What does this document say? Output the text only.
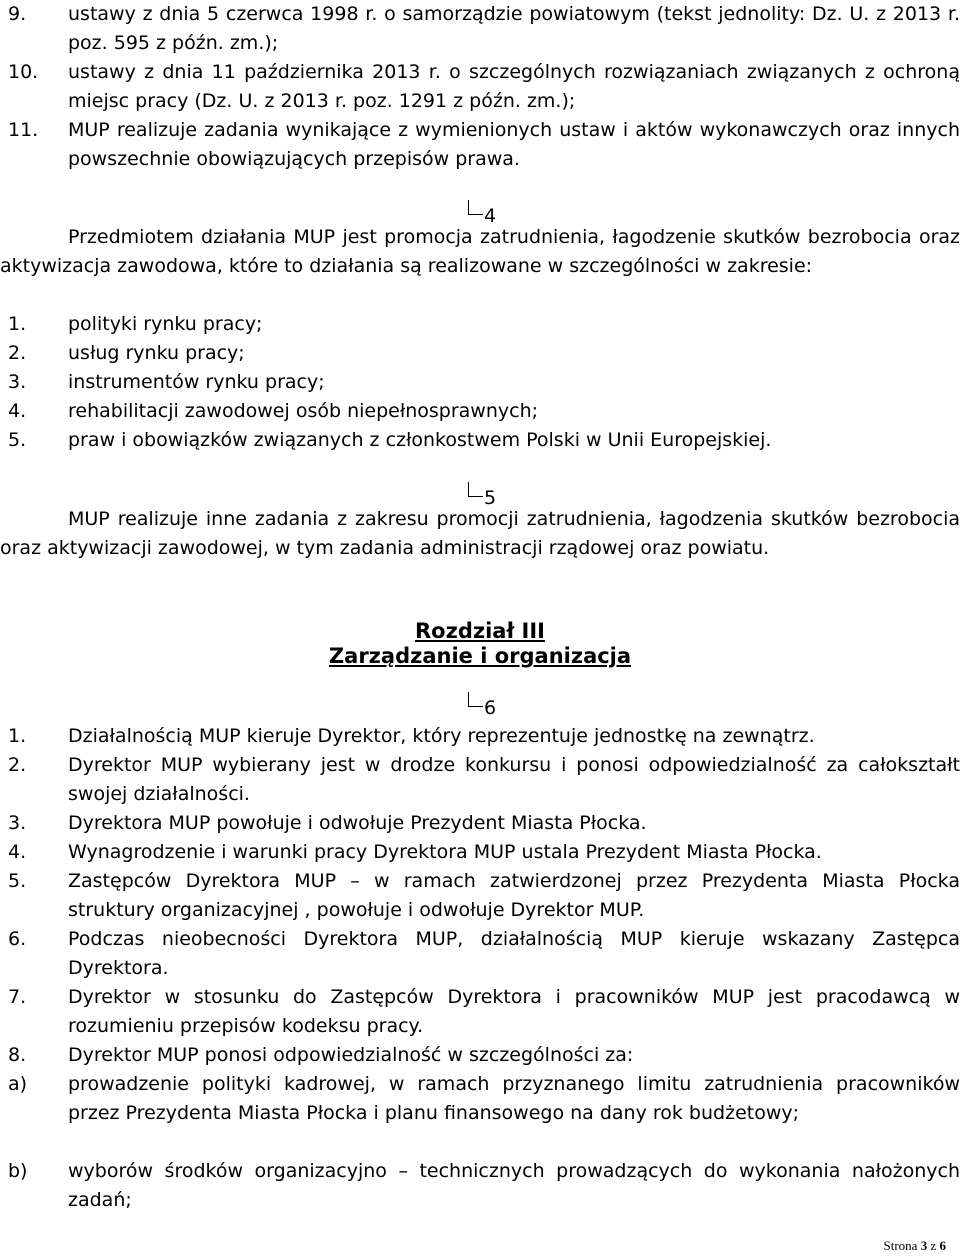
9. ustawy z dnia 5 czerwca 1998 r. o samorządzie powiatowym (tekst jednolity: Dz. U. z 2013 r. poz. 595 z późn. zm.);
10. ustawy z dnia 11 października 2013 r. o szczególnych rozwiązaniach związanych z ochroną miejsc pracy (Dz. U. z 2013 r. poz. 1291 z późn. zm.);
11. MUP realizuje zadania wynikające z wymienionych ustaw i aktów wykonawczych oraz innych powszechnie obowiązujących przepisów prawa.
4
Przedmiotem działania MUP jest promocja zatrudnienia, łagodzenie skutków bezrobocia oraz aktywizacja zawodowa, które to działania są realizowane w szczególności w zakresie:
1. polityki rynku pracy;
2. usług rynku pracy;
3. instrumentów rynku pracy;
4. rehabilitacji zawodowej osób niepełnosprawnych;
5. praw i obowiązków związanych z członkostwem Polski w Unii Europejskiej.
5
MUP realizuje inne zadania z zakresu promocji zatrudnienia, łagodzenia skutków bezrobocia oraz aktywizacji zawodowej, w tym zadania administracji rządowej oraz powiatu.
Rozdział III
Zarządzanie i organizacja
6
1. Działalnością MUP kieruje Dyrektor, który reprezentuje jednostkę na zewnątrz.
2. Dyrektor MUP wybierany jest w drodze konkursu i ponosi odpowiedzialność za całokształt swojej działalności.
3. Dyrektora MUP powołuje i odwołuje Prezydent Miasta Płocka.
4. Wynagrodzenie i warunki pracy Dyrektora MUP ustala Prezydent Miasta Płocka.
5. Zastępców Dyrektora MUP – w ramach zatwierdzonej przez Prezydenta Miasta Płocka struktury organizacyjnej , powołuje i odwołuje Dyrektor MUP.
6. Podczas nieobecności Dyrektora MUP, działalnością MUP kieruje wskazany Zastępca Dyrektora.
7. Dyrektor w stosunku do Zastępców Dyrektora i pracowników MUP jest pracodawcą w rozumieniu przepisów kodeksu pracy.
8. Dyrektor MUP ponosi odpowiedzialność w szczególności za:
a) prowadzenie polityki kadrowej, w ramach przyznanego limitu zatrudnienia pracowników przez Prezydenta Miasta Płocka i planu finansowego na dany rok budżetowy;
b) wyborów środków organizacyjno – technicznych prowadzących do wykonania nałożonych zadań;
Strona 3 z 6
